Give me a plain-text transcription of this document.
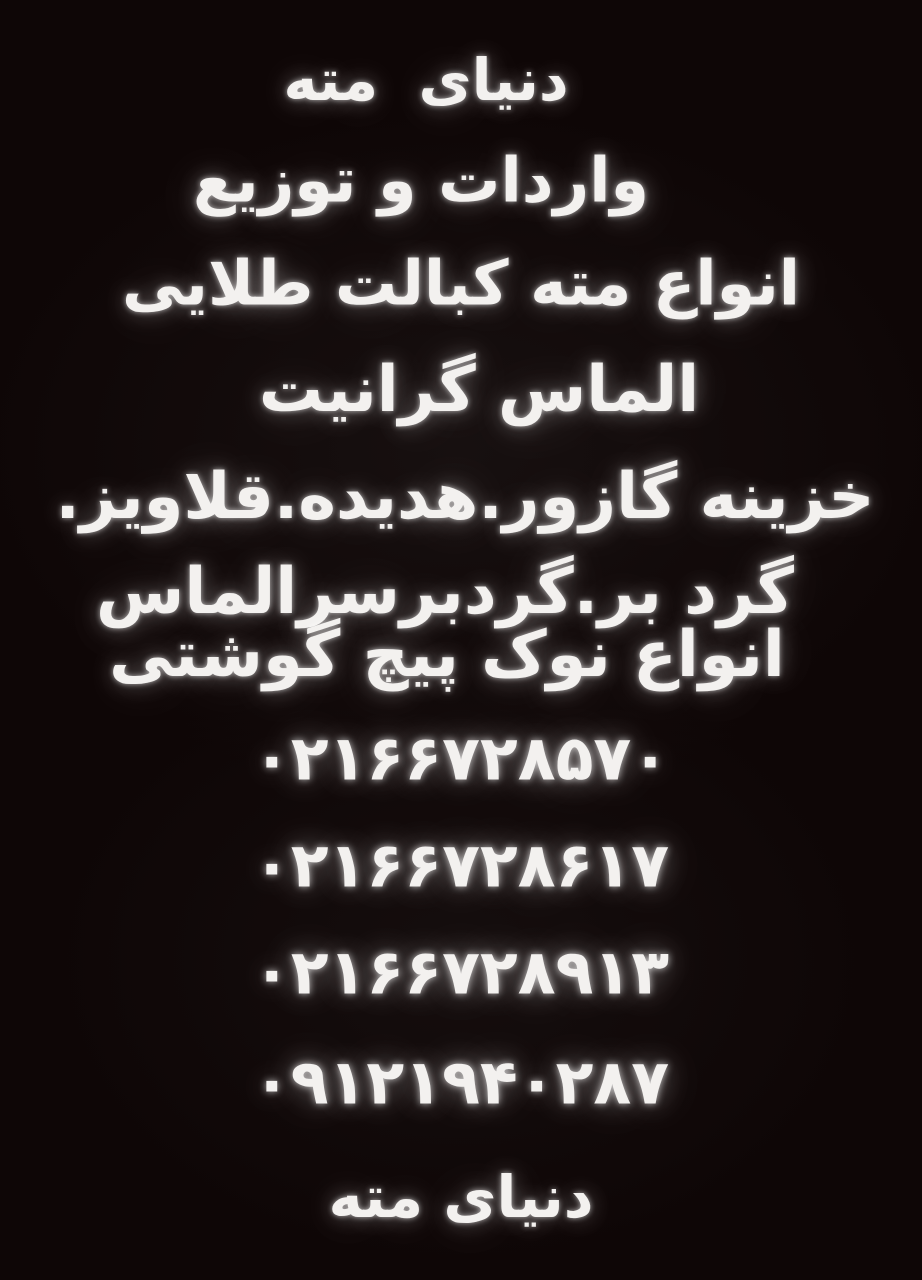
دنیای  مته
واردات و توزیع
انواع مته کبالت طلایی
الماس گرانیت
خزینه گازور.هدیده.قلاویز.
گرد بر.گردبرسرالماس
انواع نوک پیچ گوشتی
۰۲۱۶۶۷۲۸۵۷۰
۰۲۱۶۶۷۲۸۶۱۷
۰۲۱۶۶۷۲۸۹۱۳
۰۹۱۲۱۹۴۰۲۸۷
دنیای مته
